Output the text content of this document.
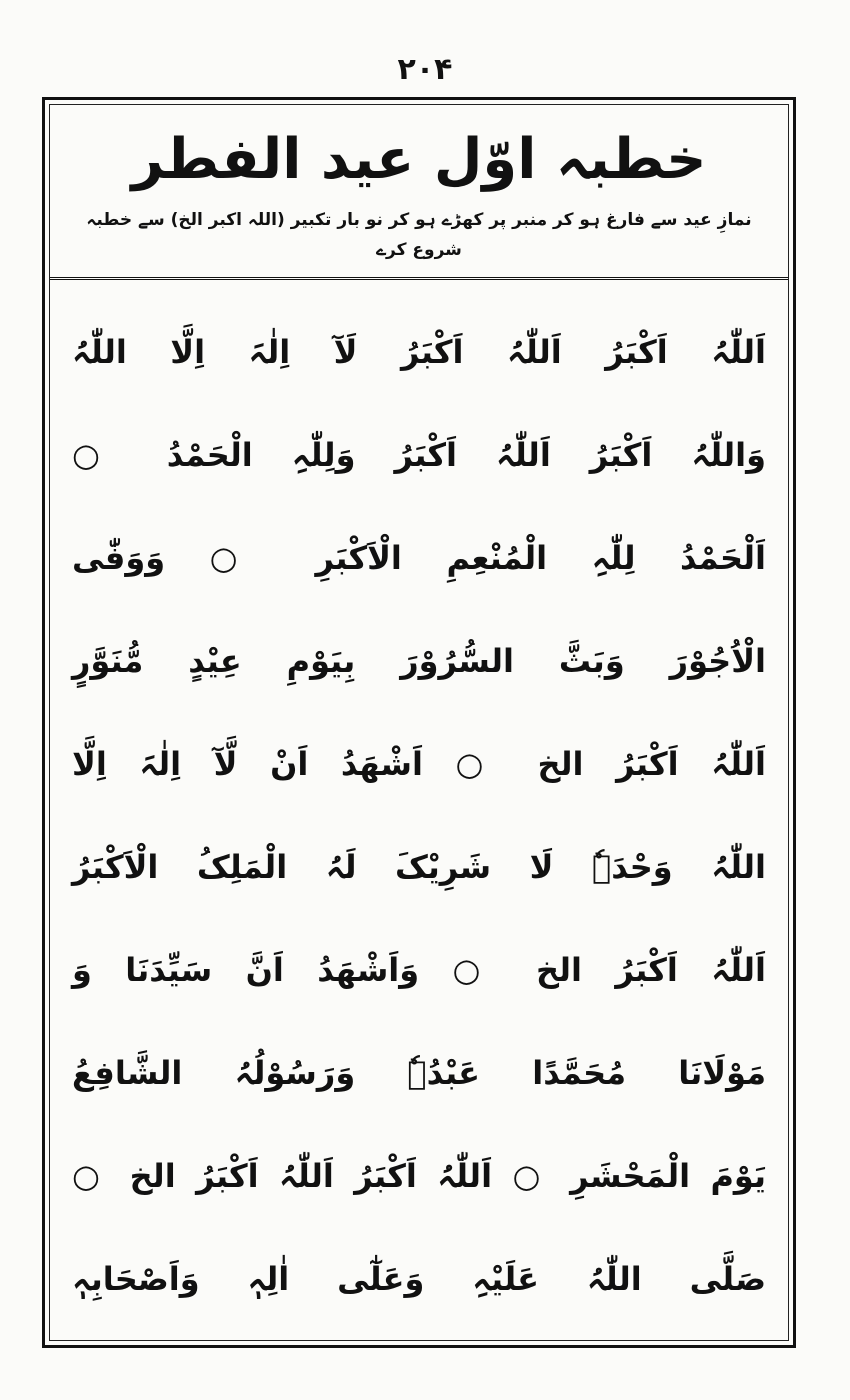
۲۰۴
خطبہ اوّل عید الفطر
نمازِ عید سے فارغ ہو کر منبر پر کھڑے ہو کر نو بار تکبیر (اللہ اکبر الخ) سے خطبہ شروع کرے
اَللّٰہُ اَکْبَرُ اَللّٰہُ اَکْبَرُ لَآ اِلٰہَ اِلَّا اللّٰہُ
وَاللّٰہُ اَکْبَرُ اَللّٰہُ اَکْبَرُ وَلِلّٰہِ الْحَمْدُ ○
اَلْحَمْدُ لِلّٰہِ الْمُنْعِمِ الْاَکْبَرِ ○ وَوَفّٰی
الْاُجُوْرَ وَبَثَّ السُّرُوْرَ بِیَوْمِ عِیْدٍ مُّنَوَّرٍ
اَللّٰہُ اَکْبَرُ الخ ○ اَشْھَدُ اَنْ لَّآ اِلٰہَ اِلَّا
اللّٰہُ وَحْدَہٗ لَا شَرِیْکَ لَہُ الْمَلِکُ الْاَکْبَرُ
اَللّٰہُ اَکْبَرُ الخ ○ وَاَشْھَدُ اَنَّ سَیِّدَنَا وَ
مَوْلَانَا مُحَمَّدًا عَبْدُہٗ وَرَسُوْلُہُ الشَّافِعُ
یَوْمَ الْمَحْشَرِ ○ اَللّٰہُ اَکْبَرُ اَللّٰہُ اَکْبَرُ الخ ○
صَلَّی اللّٰہُ عَلَیْہِ وَعَلٰٓی اٰلِہٖ وَاَصْحَابِہٖ
